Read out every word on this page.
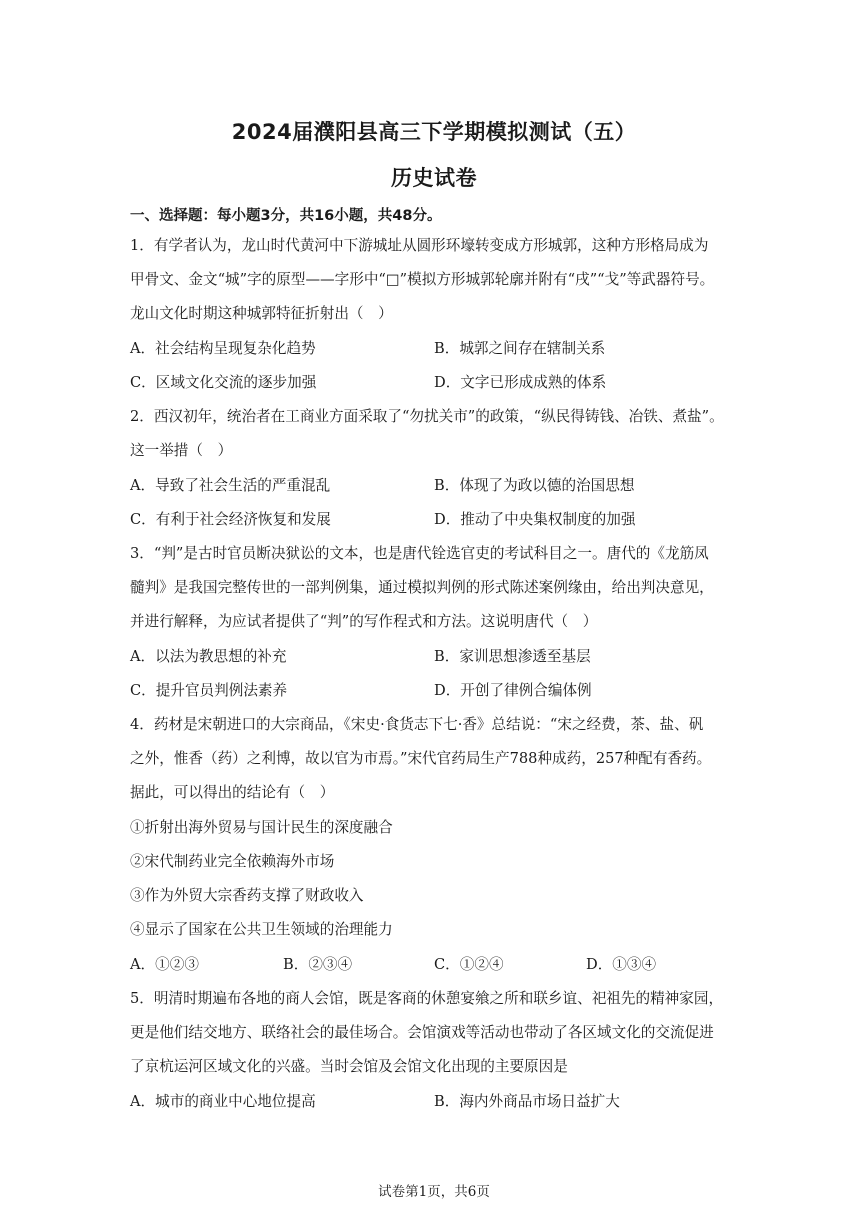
2024届濮阳县高三下学期模拟测试（五）
历史试卷
一、选择题：每小题3分，共16小题，共48分。
1．有学者认为，龙山时代黄河中下游城址从圆形环壕转变成方形城郭，这种方形格局成为
甲骨文、金文“城”字的原型——字形中“□”模拟方形城郭轮廓并附有“戌”“戈”等武器符号。
龙山文化时期这种城郭特征折射出（　）
A．社会结构呈现复杂化趋势	B．城郭之间存在辖制关系
C．区域文化交流的逐步加强	D．文字已形成成熟的体系
2．西汉初年，统治者在工商业方面采取了“勿扰关市”的政策，“纵民得铸钱、冶铁、煮盐”。
这一举措（　）
A．导致了社会生活的严重混乱	B．体现了为政以德的治国思想
C．有利于社会经济恢复和发展	D．推动了中央集权制度的加强
3．“判”是古时官员断决狱讼的文本，也是唐代铨选官吏的考试科目之一。唐代的《龙筋凤
髓判》是我国完整传世的一部判例集，通过模拟判例的形式陈述案例缘由，给出判决意见，
并进行解释，为应试者提供了“判”的写作程式和方法。这说明唐代（　）
A．以法为教思想的补充	B．家训思想渗透至基层
C．提升官员判例法素养	D．开创了律例合编体例
4．药材是宋朝进口的大宗商品，《宋史·食货志下七·香》总结说：“宋之经费，茶、盐、矾
之外，惟香（药）之利博，故以官为市焉。”宋代官药局生产788种成药，257种配有香药。
据此，可以得出的结论有（　）
①折射出海外贸易与国计民生的深度融合
②宋代制药业完全依赖海外市场
③作为外贸大宗香药支撑了财政收入
④显示了国家在公共卫生领域的治理能力
A．①②③	B．②③④	C．①②④	D．①③④
5．明清时期遍布各地的商人会馆，既是客商的休憩宴飨之所和联乡谊、祀祖先的精神家园，
更是他们结交地方、联络社会的最佳场合。会馆演戏等活动也带动了各区域文化的交流促进
了京杭运河区域文化的兴盛。当时会馆及会馆文化出现的主要原因是
A．城市的商业中心地位提高	B．海内外商品市场日益扩大
试卷第1页，共6页
